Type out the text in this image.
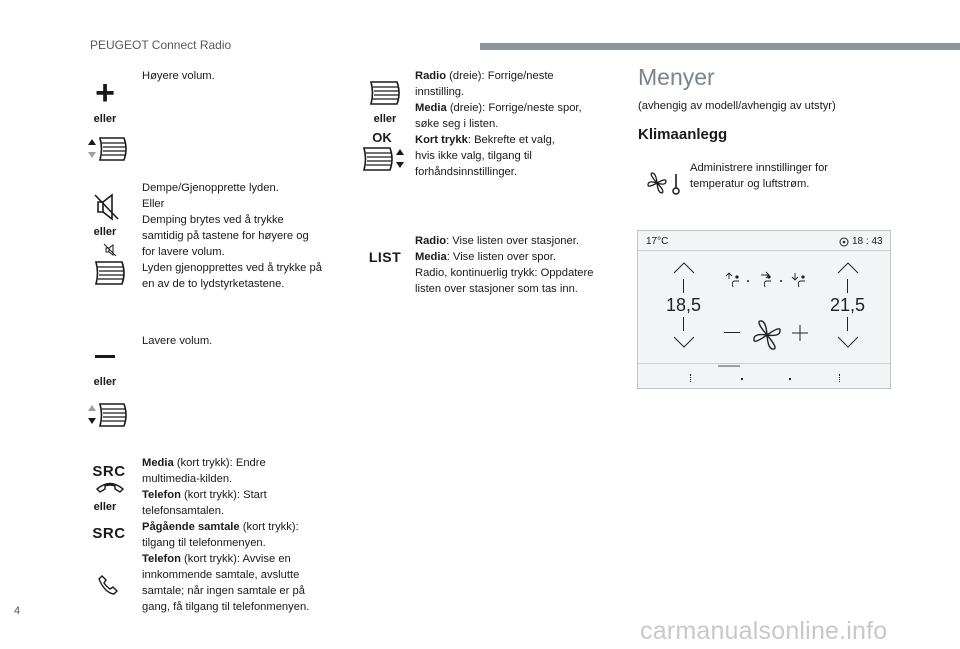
PEUGEOT Connect Radio
+
eller
Høyere volum.
eller
Dempe/Gjenopprette lyden.
Eller
Demping brytes ved å trykke
samtidig på tastene for høyere og
for lavere volum.
Lyden gjenopprettes ved å trykke på
en av de to lydstyrketastene.
eller
Lavere volum.
SRC
eller
SRC
Media (kort trykk): Endre
multimedia-kilden.
Telefon (kort trykk): Start
telefonsamtalen.
Pågående samtale (kort trykk):
tilgang til telefonmenyen.
Telefon (kort trykk): Avvise en
innkommende samtale, avslutte
samtale; når ingen samtale er på
gang, få tilgang til telefonmenyen.
eller
OK
Radio (dreie): Forrige/neste
innstilling.
Media (dreie): Forrige/neste spor,
søke seg i listen.
Kort trykk: Bekrefte et valg,
hvis ikke valg, tilgang til
forhåndsinnstillinger.
LIST
Radio: Vise listen over stasjoner.
Media: Vise listen over spor.
Radio, kontinuerlig trykk: Oppdatere
listen over stasjoner som tas inn.
Menyer
(avhengig av modell/avhengig av utstyr)
Klimaanlegg
Administrere innstillinger for
temperatur og luftstrøm.
17°C	18 : 43
18,5	21,5
4
carmanualsonline.info
